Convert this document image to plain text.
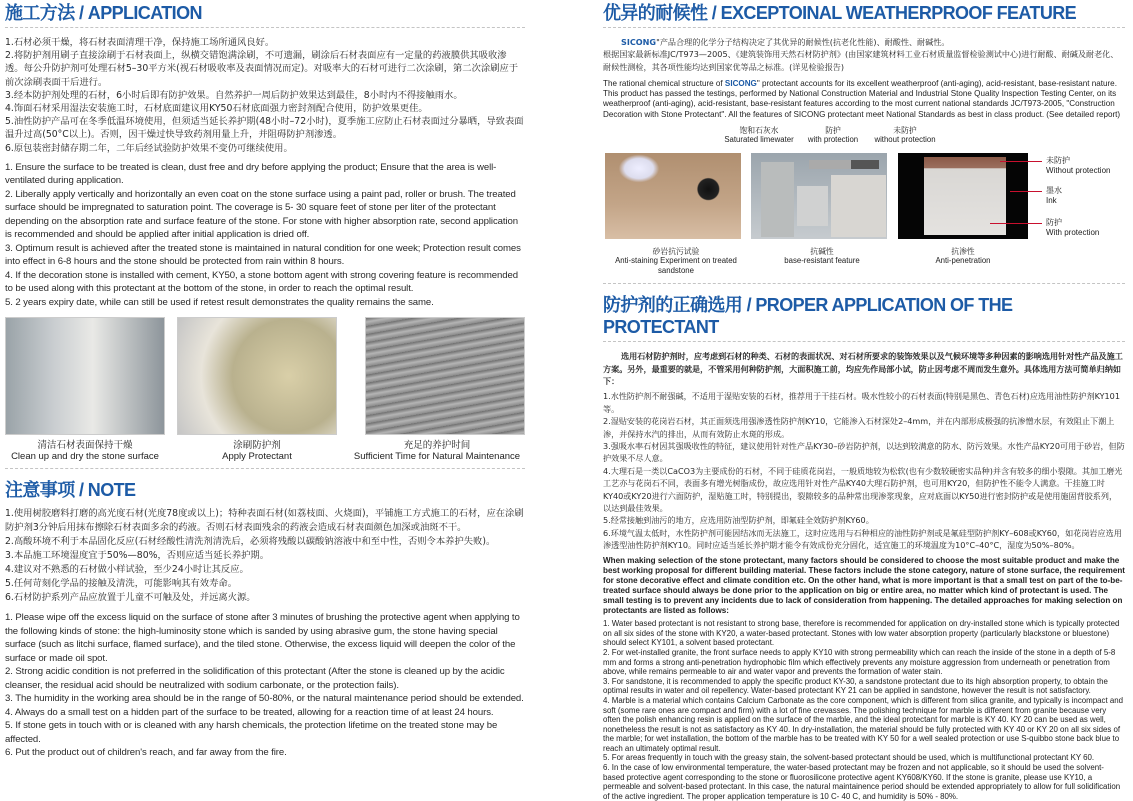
施工方法 / APPLICATION

1.石材必须干燥，将石材表面清理干净，保持施工场所通风良好。

2.将防护剂用刷子直接涂刷于石材表面上，纵横交错饱满涂刷，不可遗漏，刷涂后石材表面应有一定量的药液膜供其吸收渗透。每公升防护剂可处理石材5–30平方米(视石材吸收率及表面情况而定)。对吸率大的石材可进行二次涂刷，第二次涂刷应于前次涂刷表面干后进行。

3.经本防护剂处理的石材，6小时后即有防护效果。自然养护一周后防护效果达到最佳，8小时内不得接触雨水。

4.饰面石材采用湿法安装施工时，石材底面建议用KY50石材底面强力密封剂配合使用，防护效果更佳。

5.油性防护产品可在冬季低温环境使用，但须适当延长养护期(48小时–72小时)，夏季施工应防止石材表面过分暴晒，导致表面温升过高(50°C以上)。否则，因干燥过快导致药剂用量上升，并阻碍防护剂渗透。

6.原包装密封储存期二年，二年后经试验防护效果不变仍可继续使用。

1. Ensure the surface to be treated is clean, dust free and dry before applying the product; Ensure that the area is well-ventilated during application.

2. Liberally apply vertically and horizontally an even coat on the stone surface using a paint pad, roller or brush. The treated surface should be impregnated to saturation point. The coverage is 5- 30 square feet of stone per liter of the protectant depending on the absorption rate and surface feature of the stone. For stone with higher absorption rate, second application is recommended and should be applied after initial application is dried off.

3. Optimum result is achieved after the treated stone is maintained in natural condition for one week; Protection result comes into effect in 6-8 hours and the stone should be protected from rain within 8 hours.

4. If the decoration stone is installed with cement, KY50, a stone bottom agent with strong covering feature is recommended to be used along with this protectant at the bottom of the stone, in order to reach the optimal result.

5. 2 years expiry date, while can still be used if retest result demonstrates the quality remains the same.

清洁石材表面保持干燥
Clean up and dry the stone surface
涂刷防护剂
Apply Protectant
充足的养护时间
Sufficient Time for Natural Maintenance
注意事项 / NOTE

1.使用树胶磨料打磨的高光度石材(光度78度或以上)；特种表面石材(如荔枝面、火烧面)，平铺施工方式施工的石材，应在涂刷防护剂3分钟后用抹布擦除石材表面多余的药液。否则石材表面残余的药液会造成石材表面颜色加深或油斑不干。

2.高酸环境不利于本品固化反应(石材经酸性清洗剂清洗后，必须将残酸以碳酸钠溶液中和至中性，否则令本养护失败)。

3.本品施工环境湿度宜于50%—80%，否则应适当延长养护期。

4.建议对不熟悉的石材做小样试验，至少24小时让其反应。

5.任何苛刻化学品的接触及清洗，可能影响其有效寿命。

6.石材防护系列产品应放置于儿童不可触及处，并远离火源。

1. Please wipe off the excess liquid on the surface of stone after 3 minutes of brushing the protective agent when applying to the following kinds of stone: the high-luminosity stone which is sanded by using abrasive gum, the stone having special surface (such as litchi surface, flamed surface), and the tiled stone. Otherwise, the excess liquid will deepen the color of the surface or made oil spot.

2. Strong acidic condition is not preferred in the solidification of this protectant (After the stone is cleaned up by the acidic cleanser, the residual acid should be neutralized with sodium carbonate, or the protection fails).

3. The humidity in the working area should be in the range of 50-80%, or the natural maintenance period should be extended.

4. Always do a small test on a hidden part of the surface to be treated, allowing for a reaction time of at least 24 hours.

5. If stone gets in touch with or is cleaned with any harsh chemicals, the protection lifetime on the treated stone may be affected.

6. Put the product out of children's reach, and far away from the fire.

优异的耐候性 / EXCEPTOINAL WEATHERPROOF FEATURE

SICONG"产品合理的化学分子结构决定了其优异的耐候性(抗老化性能)、耐酸性、耐碱性。

根据国家最新标准JC/T973—2005、《建筑装饰用天然石材防护剂》(由国家建筑材料工业石材质量监督检验测试中心)进行耐酸、耐碱及耐老化、耐候性测检，其各项性能均达到国家优等品之标准。(详见检验报告)

The rational chemical structure of SICONG" protectant accounts for its excellent weatherproof (anti-aging), acid-resistant, base-resistant nature. This product has passed the testings, performed by National Construction Material and Industrial Stone Quality Inspection Testing Center, on its weatherproof (anti-aging), acid-resistant, base-resistant features according to the most current national standards JC/T973-2005, "Construction Decoration with Stone Protectant". All the features of SICONG protectant meet National Standards as best in class product. (See detailed report)
饱和石灰水
Saturated limewater
防护
with protection
未防护
without protection
未防护
Without protection
墨水
Ink
防护
With protection
砂岩抗污试验
Anti-staining Experiment on treated sandstone
抗碱性
base-resistant feature
抗渗性
Anti-penetration
防护剂的正确选用 / PROPER APPLICATION OF THE PROTECTANT
选用石材防护剂时，应考虑到石材的种类、石材的表面状况、对石材所要求的装饰效果以及气候环境等多种因素的影响选用针对性产品及施工方案。另外，最重要的就是，不管采用何种防护剂，大面积施工前，均应先作局部小试，防止因考虑不周而发生意外。具体选用方法可简单归纳如下：

1.水性防护剂不耐强碱，不适用于湿贴安装的石材，推荐用于干挂石材。吸水性较小的石材表面(特别是黑色、青色石材)应选用油性防护剂KY101等。

2.湿贴安装的花岗岩石材，其正面须选用强渗透性防护剂KY10，它能渗入石材深处2–4mm，并在内部形成极强的抗渗憎水层，有效阻止下潮上渗，并保持水汽的排出，从而有效防止水斑的形成。

3.强吸水率石材因其强吸收性的特征，建议使用针对性产品KY30–砂岩防护剂，以达到较满意的防水、防污效果。水性产品KY20可用于砂岩，但防护效果不尽人意。

4.大理石是一类以CaCO3为主要成份的石材，不同于硅质花岗岩，一般质地较为松软(也有少数较硬密实品种)并含有较多的细小裂隙。其加工磨光工艺亦与花岗石不同，表面多有增光树脂成份，故应选用针对性产品KY40大理石防护剂，也可用KY20，但防护性不能令人满意。干挂施工时KY40或KY20进行六面防护，湿贴施工时，特别提出，裂隙较多的品种常出现渗浆现象，应对底面以KY50进行密封防护或是使用施固背胶系列，以达到最佳效果。

5.经常接触到油污的地方，应选用防油型防护剂，即氟硅全效防护剂KY60。

6.环境气温太低时，水性防护剂可能因结冰而无法施工，这时应选用与石种相应的油性防护剂或是氟硅型防护剂KY–608或KY60，如花岗岩应选用渗透型油性防护剂KY10。同时应适当延长养护期才能令有效成份充分固化，适宜施工的环境温度为10°C–40°C，湿度为50%–80%。

When making selection of the stone protectant, many factors should be considered to choose the most suitable product and make the best working proposal for different building material. These factors include the stone category, nature of stone surface, the requirement for stone decorative effect and climate condition etc. On the other hand, what is more important is that a small test on part of the to-be-treated surface should always be done prior to the application on big or entire area, no matter which kind of protectant is used. The small testing is to prevent any incidents due to lack of consideration from happening. The detailed approaches for making selection on protectants are listed as follows:

1. Water based protectant is not resistant to strong base, therefore is recommended for application on dry-installed stone which is typically protected on all six sides of the stone with KY20, a water-based protectant. Stones with low water absorption property (particularly blackstone or bluestone) should select KY101, a solvent based protectant.

2. For wet-installed granite, the front surface needs to apply KY10 with strong permeability which can reach the inside of the stone in a depth of 5-8 mm and forms a strong anti-penetration hydrophobic film which effectively prevents any moisture aggression from underneath or penetration from above, while remains permeable to air and water vapor and prevents the formation of water stain.

3. For sandstone, it is recommended to apply the specific product KY-30, a sandstone protectant due to its high absorption property, to obtain the optimal results in water and oil repellency. Water-based protectant KY 21 can be applied in sandstone, however the result is not satisfactory.

4. Marble is a material which contains Calcium Carbonate as the core component, which is different from silica granite, and typically is incompact and soft (some rare ones are compact and firm) with a lot of fine crevasses. The polishing technique for marble is different from granite because very often the polish enhancing resin is applied on the surface of the marble, and the ideal protectant for marble is KY 40. KY 20 can be used as well, nonetheless the result is not as satisfactory as KY 40. In dry-installation, the material should be fully protected with KY 40 or KY 20 on all six sides of the marble; for wet installation, the bottom of the marble has to be treated with KY 50 for a well sealed protection or use S-quibbo stone back blue to reach an ultimately optimal result.

5. For areas frequently in touch with the greasy stain, the solvent-based protectant should be used, which is multifunctional protectant KY 60.

6. In the case of low environmental temperature, the water-based protectant may be frozen and not applicable, so it should be used the solvent-based protective agent corresponding to the stone or fluorosilicone protective agent KY608/KY60. If the stone is granite, please use KY10, a permeable and solvent-based protectant. In this case, the natural maintainence period should be extended appropriately to allow for full solidification of the active ingredient. The proper application temperature is 10 C- 40 C, and humidity is 50% - 80%.
